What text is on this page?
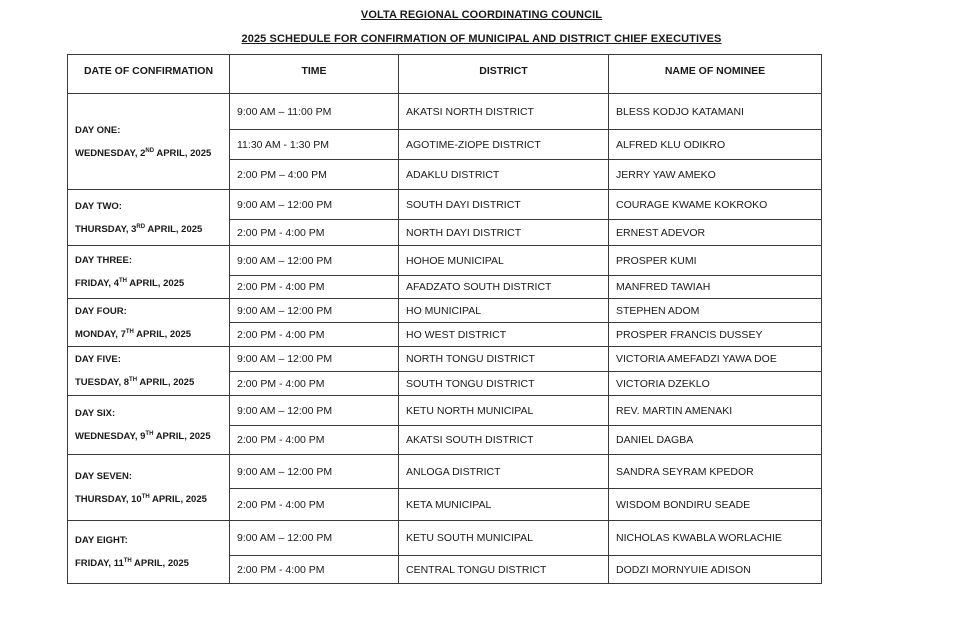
VOLTA REGIONAL COORDINATING COUNCIL
2025 SCHEDULE FOR CONFIRMATION OF MUNICIPAL AND DISTRICT CHIEF EXECUTIVES
DATE OF CONFIRMATION	TIME	DISTRICT	NAME OF NOMINEE

DAY ONE:
WEDNESDAY, 2ND APRIL, 2025	9:00 AM – 11:00 PM	AKATSI NORTH DISTRICT	BLESS KODJO KATAMANI
	11:30 AM - 1:30 PM	AGOTIME-ZIOPE DISTRICT	ALFRED KLU ODIKRO
	2:00 PM – 4:00 PM	ADAKLU DISTRICT	JERRY YAW AMEKO

DAY TWO:
THURSDAY, 3RD APRIL, 2025	9:00 AM – 12:00 PM	SOUTH DAYI DISTRICT	COURAGE KWAME KOKROKO
	2:00 PM - 4:00 PM	NORTH DAYI DISTRICT	ERNEST ADEVOR

DAY THREE:
FRIDAY, 4TH APRIL, 2025	9:00 AM – 12:00 PM	HOHOE MUNICIPAL	PROSPER KUMI
	2:00 PM - 4:00 PM	AFADZATO SOUTH DISTRICT	MANFRED TAWIAH

DAY FOUR:
MONDAY, 7TH APRIL, 2025	9:00 AM – 12:00 PM	HO MUNICIPAL	STEPHEN ADOM
	2:00 PM - 4:00 PM	HO WEST DISTRICT	PROSPER FRANCIS DUSSEY

DAY FIVE:
TUESDAY, 8TH APRIL, 2025	9:00 AM – 12:00 PM	NORTH TONGU DISTRICT	VICTORIA AMEFADZI YAWA DOE
	2:00 PM - 4:00 PM	SOUTH TONGU DISTRICT	VICTORIA DZEKLO

DAY SIX:
WEDNESDAY, 9TH APRIL, 2025	9:00 AM – 12:00 PM	KETU NORTH MUNICIPAL	REV. MARTIN AMENAKI
	2:00 PM - 4:00 PM	AKATSI SOUTH DISTRICT	DANIEL DAGBA

DAY SEVEN:
THURSDAY, 10TH APRIL, 2025	9:00 AM – 12:00 PM	ANLOGA DISTRICT	SANDRA SEYRAM KPEDOR
	2:00 PM - 4:00 PM	KETA MUNICIPAL	WISDOM BONDIRU SEADE

DAY EIGHT:
FRIDAY, 11TH APRIL, 2025	9:00 AM – 12:00 PM	KETU SOUTH MUNICIPAL	NICHOLAS KWABLA WORLACHIE
	2:00 PM - 4:00 PM	CENTRAL TONGU DISTRICT	DODZI MORNYUIE ADISON
